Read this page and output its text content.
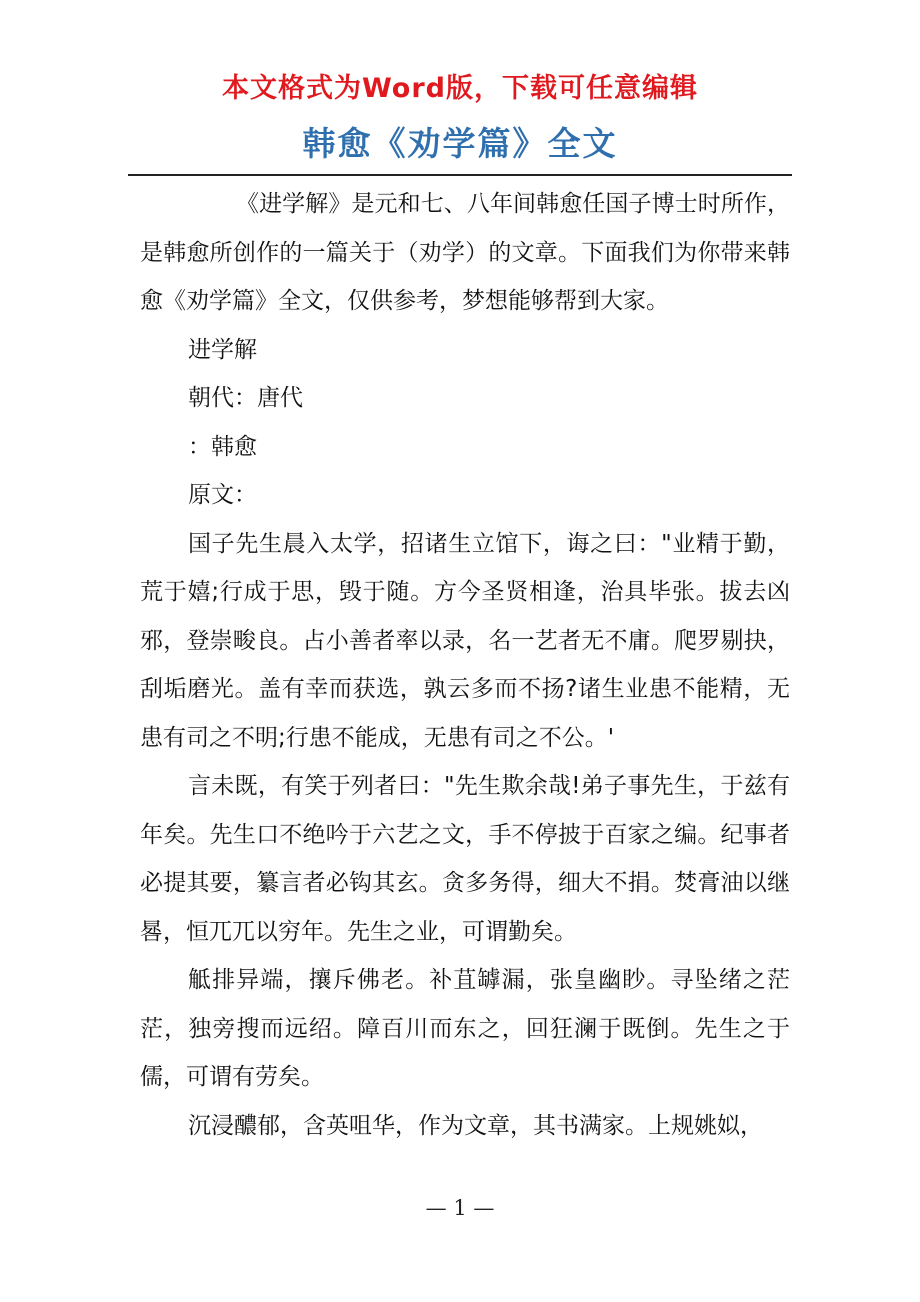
本文格式为Word版，下载可任意编辑
韩愈《劝学篇》全文

《进学解》是元和七、八年间韩愈任国子博士时所作，是韩愈所创作的一篇关于（劝学）的文章。下面我们为你带来韩愈《劝学篇》全文，仅供参考，梦想能够帮到大家。

进学解

朝代：唐代

：韩愈

原文：

国子先生晨入太学，招诸生立馆下，诲之曰："业精于勤，荒于嬉;行成于思，毁于随。方今圣贤相逢，治具毕张。拔去凶邪，登崇畯良。占小善者率以录，名一艺者无不庸。爬罗剔抉，刮垢磨光。盖有幸而获选，孰云多而不扬?诸生业患不能精，无患有司之不明;行患不能成，无患有司之不公。'

言未既，有笑于列者曰："先生欺余哉!弟子事先生，于兹有年矣。先生口不绝吟于六艺之文，手不停披于百家之编。纪事者必提其要，纂言者必钩其玄。贪多务得，细大不捐。焚膏油以继晷，恒兀兀以穷年。先生之业，可谓勤矣。

觝排异端，攘斥佛老。补苴罅漏，张皇幽眇。寻坠绪之茫茫，独旁搜而远绍。障百川而东之，回狂澜于既倒。先生之于儒，可谓有劳矣。

沉浸醲郁，含英咀华，作为文章，其书满家。上规姚姒，

— 1 —
